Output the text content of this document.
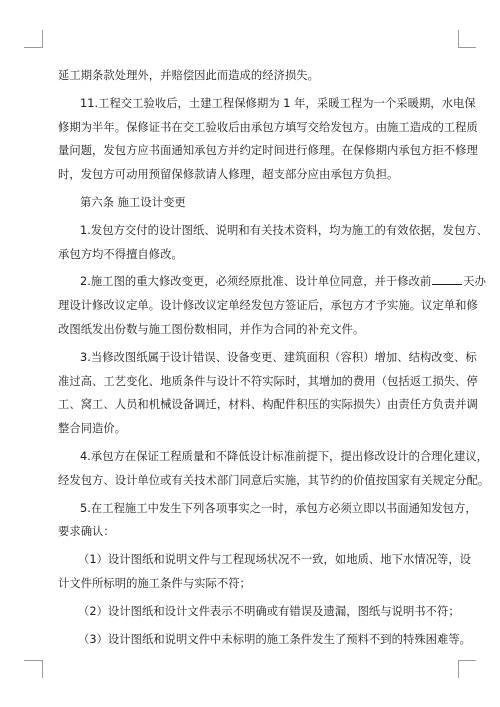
延工期条款处理外，并赔偿因此而造成的经济损失。
11.工程交工验收后，土建工程保修期为 1 年，采暖工程为一个采暖期，水电保
修期为半年。保修证书在交工验收后由承包方填写交给发包方。由施工造成的工程质
量问题，发包方应书面通知承包方并约定时间进行修理。在保修期内承包方拒不修理
时，发包方可动用预留保修款请人修理，超支部分应由承包方负担。
第六条 施工设计变更
1.发包方交付的设计图纸、说明和有关技术资料，均为施工的有效依据，发包方、
承包方均不得擅自修改。
2.施工图的重大修改变更，必须经原批准、设计单位同意，并于修改前	天办
理设计修改议定单。设计修改议定单经发包方签证后，承包方才予实施。议定单和修
改图纸发出份数与施工图份数相同，并作为合同的补充文件。
3.当修改图纸属于设计错误、设备变更、建筑面积（容积）增加、结构改变、标
准过高、工艺变化、地质条件与设计不符实际时，其增加的费用（包括返工损失、停
工、窝工、人员和机械设备调迁，材料、构配件积压的实际损失）由责任方负责并调
整合同造价。
4.承包方在保证工程质量和不降低设计标准前提下，提出修改设计的合理化建议，
经发包方、设计单位或有关技术部门同意后实施，其节约的价值按国家有关规定分配。
5.在工程施工中发生下列各项事实之一时，承包方必须立即以书面通知发包方，
要求确认：
（1）设计图纸和说明文件与工程现场状况不一致，如地质、地下水情况等，设
计文件所标明的施工条件与实际不符；
（2）设计图纸和设计文件表示不明确或有错误及遗漏，图纸与说明书不符；
（3）设计图纸和说明文件中未标明的施工条件发生了预料不到的特殊困难等。
